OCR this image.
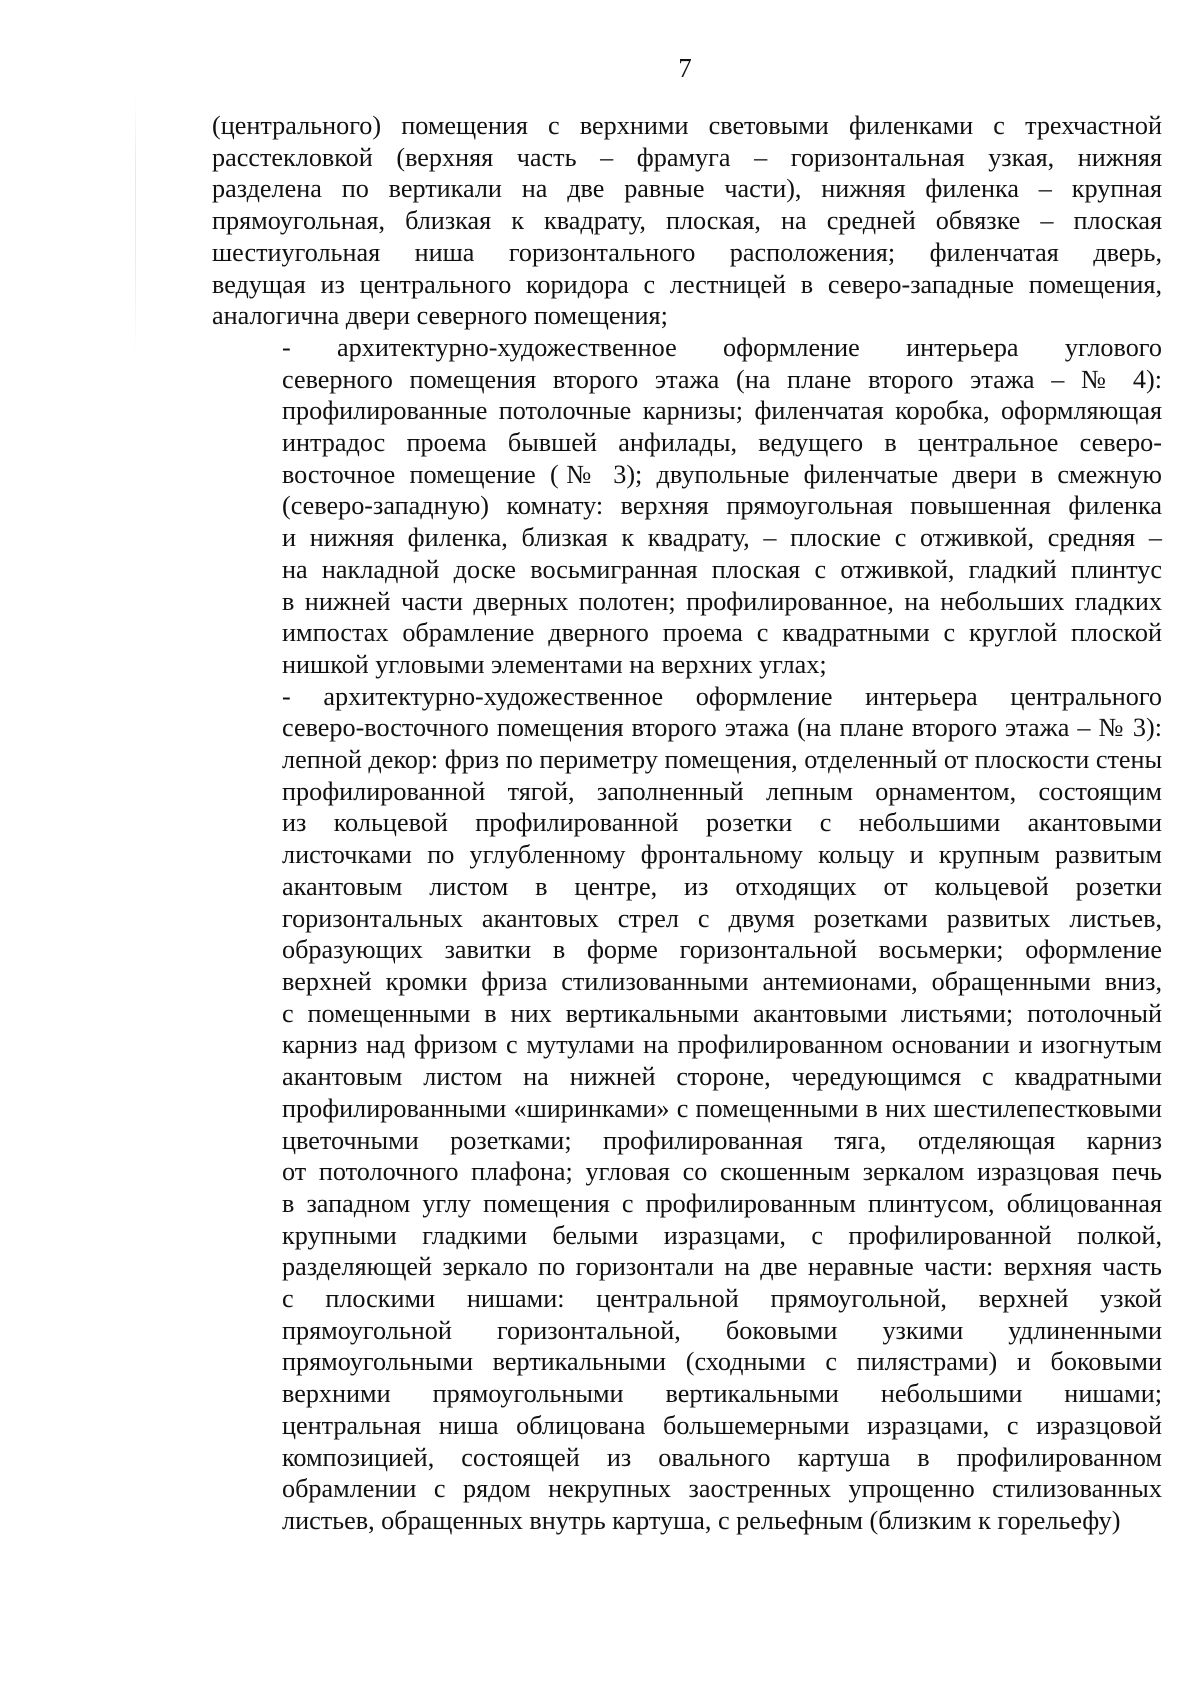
7
(центрального) помещения с верхними световыми филенками с трехчастной
расстекловкой (верхняя часть – фрамуга – горизонтальная узкая, нижняя
разделена по вертикали на две равные части), нижняя филенка – крупная
прямоугольная, близкая к квадрату, плоская, на средней обвязке – плоская
шестиугольная ниша горизонтального расположения; филенчатая дверь,
ведущая из центрального коридора с лестницей в северо-западные помещения,
аналогична двери северного помещения;
- архитектурно-художественное оформление интерьера углового
северного помещения второго этажа (на плане второго этажа – № 4):
профилированные потолочные карнизы; филенчатая коробка, оформляющая
интрадос проема бывшей анфилады, ведущего в центральное северо-
восточное помещение (№ 3); двупольные филенчатые двери в смежную
(северо-западную) комнату: верхняя прямоугольная повышенная филенка
и нижняя филенка, близкая к квадрату, – плоские с отживкой, средняя –
на накладной доске восьмигранная плоская с отживкой, гладкий плинтус
в нижней части дверных полотен; профилированное, на небольших гладких
импостах обрамление дверного проема с квадратными с круглой плоской
нишкой угловыми элементами на верхних углах;
- архитектурно-художественное оформление интерьера центрального
северо-восточного помещения второго этажа (на плане второго этажа – № 3):
лепной декор: фриз по периметру помещения, отделенный от плоскости стены
профилированной тягой, заполненный лепным орнаментом, состоящим
из кольцевой профилированной розетки с небольшими акантовыми
листочками по углубленному фронтальному кольцу и крупным развитым
акантовым листом в центре, из отходящих от кольцевой розетки
горизонтальных акантовых стрел с двумя розетками развитых листьев,
образующих завитки в форме горизонтальной восьмерки; оформление
верхней кромки фриза стилизованными антемионами, обращенными вниз,
с помещенными в них вертикальными акантовыми листьями; потолочный
карниз над фризом с мутулами на профилированном основании и изогнутым
акантовым листом на нижней стороне, чередующимся с квадратными
профилированными «ширинками» с помещенными в них шестилепестковыми
цветочными розетками; профилированная тяга, отделяющая карниз
от потолочного плафона; угловая со скошенным зеркалом изразцовая печь
в западном углу помещения с профилированным плинтусом, облицованная
крупными гладкими белыми изразцами, с профилированной полкой,
разделяющей зеркало по горизонтали на две неравные части: верхняя часть
с плоскими нишами: центральной прямоугольной, верхней узкой
прямоугольной горизонтальной, боковыми узкими удлиненными
прямоугольными вертикальными (сходными с пилястрами) и боковыми
верхними прямоугольными вертикальными небольшими нишами;
центральная ниша облицована большемерными изразцами, с изразцовой
композицией, состоящей из овального картуша в профилированном
обрамлении с рядом некрупных заостренных упрощенно стилизованных
листьев, обращенных внутрь картуша, с рельефным (близким к горельефу)
